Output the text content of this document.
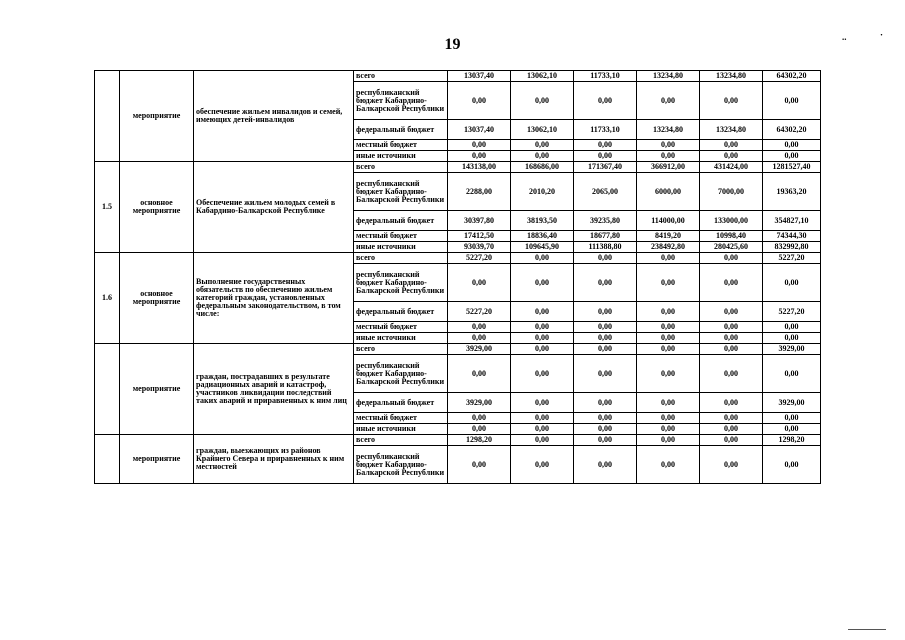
19	..	·
	мероприятие	обеспечение жильем инвалидов и семей, имеющих детей-инвалидов	всего	13037,40	13062,10	11733,10	13234,80	13234,80	64302,20
			республиканский бюджет Кабардино-Балкарской Республики	0,00	0,00	0,00	0,00	0,00	0,00
			федеральный бюджет	13037,40	13062,10	11733,10	13234,80	13234,80	64302,20
			местный бюджет	0,00	0,00	0,00	0,00	0,00	0,00
			иные источники	0,00	0,00	0,00	0,00	0,00	0,00
1.5	основное мероприятие	Обеспечение жильем молодых семей в Кабардино-Балкарской Республике	всего	143138,00	168686,00	171367,40	366912,00	431424,00	1281527,40
			республиканский бюджет Кабардино-Балкарской Республики	2288,00	2010,20	2065,00	6000,00	7000,00	19363,20
			федеральный бюджет	30397,80	38193,50	39235,80	114000,00	133000,00	354827,10
			местный бюджет	17412,50	18836,40	18677,80	8419,20	10998,40	74344,30
			иные источники	93039,70	109645,90	111388,80	238492,80	280425,60	832992,80
1.6	основное мероприятие	Выполнение государственных обязательств по обеспечению жильем категорий граждан, установленных федеральным законодательством, в том числе:	всего	5227,20	0,00	0,00	0,00	0,00	5227,20
			республиканский бюджет Кабардино-Балкарской Республики	0,00	0,00	0,00	0,00	0,00	0,00
			федеральный бюджет	5227,20	0,00	0,00	0,00	0,00	5227,20
			местный бюджет	0,00	0,00	0,00	0,00	0,00	0,00
			иные источники	0,00	0,00	0,00	0,00	0,00	0,00
	мероприятие	граждан, пострадавших в результате радиационных аварий и катастроф, участников ликвидации последствий таких аварий и приравненных к ним лиц	всего	3929,00	0,00	0,00	0,00	0,00	3929,00
			республиканский бюджет Кабардино-Балкарской Республики	0,00	0,00	0,00	0,00	0,00	0,00
			федеральный бюджет	3929,00	0,00	0,00	0,00	0,00	3929,00
			местный бюджет	0,00	0,00	0,00	0,00	0,00	0,00
			иные источники	0,00	0,00	0,00	0,00	0,00	0,00
	мероприятие	граждан, выезжающих из районов Крайнего Севера и приравненных к ним местностей	всего	1298,20	0,00	0,00	0,00	0,00	1298,20
			республиканский бюджет Кабардино-Балкарской Республики	0,00	0,00	0,00	0,00	0,00	0,00
